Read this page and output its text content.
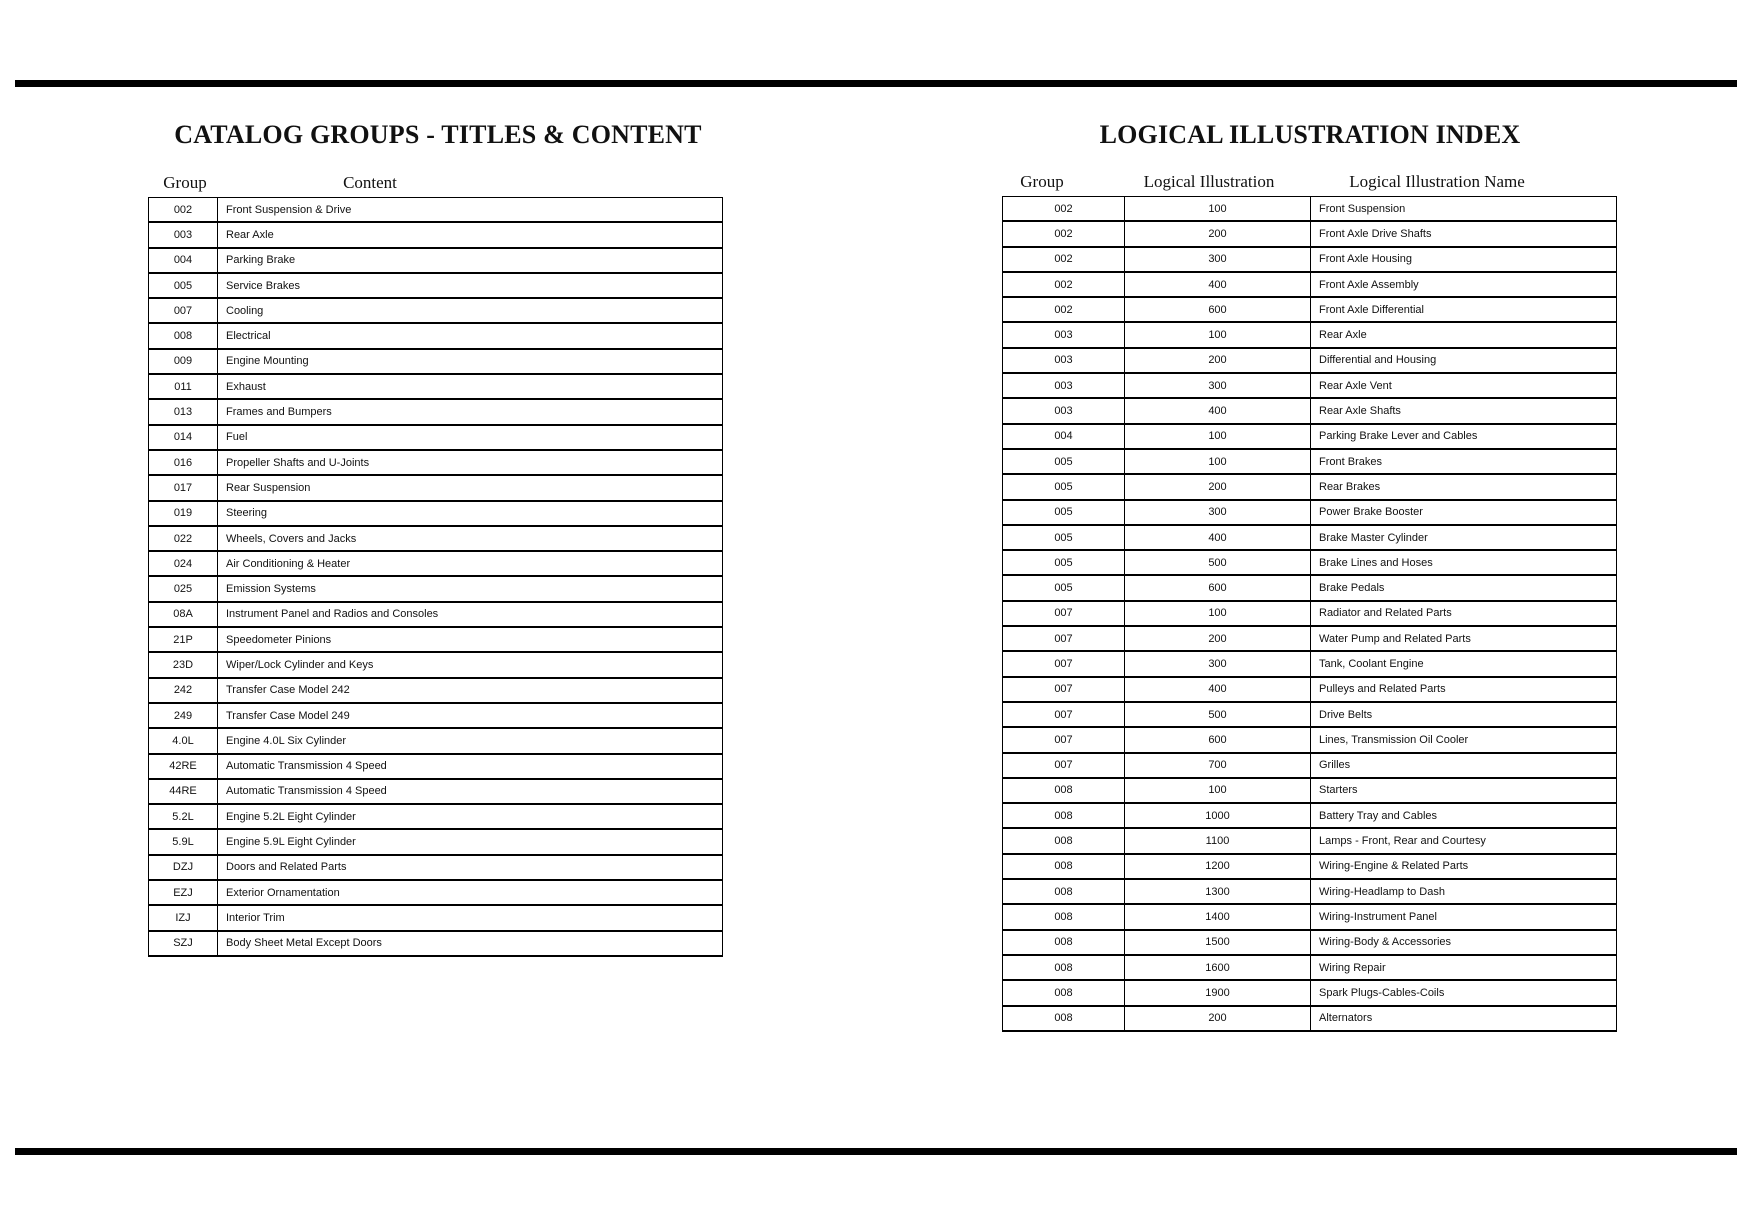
CATALOG GROUPS - TITLES & CONTENT
Group	Content
002	Front Suspension & Drive
003	Rear Axle
004	Parking Brake
005	Service Brakes
007	Cooling
008	Electrical
009	Engine Mounting
011	Exhaust
013	Frames and Bumpers
014	Fuel
016	Propeller Shafts and U-Joints
017	Rear Suspension
019	Steering
022	Wheels, Covers and Jacks
024	Air Conditioning & Heater
025	Emission Systems
08A	Instrument Panel and Radios and Consoles
21P	Speedometer Pinions
23D	Wiper/Lock Cylinder and Keys
242	Transfer Case Model 242
249	Transfer Case Model 249
4.0L	Engine 4.0L Six Cylinder
42RE	Automatic Transmission 4 Speed
44RE	Automatic Transmission 4 Speed
5.2L	Engine 5.2L Eight Cylinder
5.9L	Engine 5.9L Eight Cylinder
DZJ	Doors and Related Parts
EZJ	Exterior Ornamentation
IZJ	Interior Trim
SZJ	Body Sheet Metal Except Doors
LOGICAL ILLUSTRATION INDEX
Group	Logical Illustration	Logical Illustration Name
002	100	Front Suspension
002	200	Front Axle Drive Shafts
002	300	Front Axle Housing
002	400	Front Axle Assembly
002	600	Front Axle Differential
003	100	Rear Axle
003	200	Differential and Housing
003	300	Rear Axle Vent
003	400	Rear Axle Shafts
004	100	Parking Brake Lever and Cables
005	100	Front Brakes
005	200	Rear Brakes
005	300	Power Brake Booster
005	400	Brake Master Cylinder
005	500	Brake Lines and Hoses
005	600	Brake Pedals
007	100	Radiator and Related Parts
007	200	Water Pump and Related Parts
007	300	Tank, Coolant Engine
007	400	Pulleys and Related Parts
007	500	Drive Belts
007	600	Lines, Transmission Oil Cooler
007	700	Grilles
008	100	Starters
008	1000	Battery Tray and Cables
008	1100	Lamps - Front, Rear and Courtesy
008	1200	Wiring-Engine & Related Parts
008	1300	Wiring-Headlamp to Dash
008	1400	Wiring-Instrument Panel
008	1500	Wiring-Body & Accessories
008	1600	Wiring Repair
008	1900	Spark Plugs-Cables-Coils
008	200	Alternators
